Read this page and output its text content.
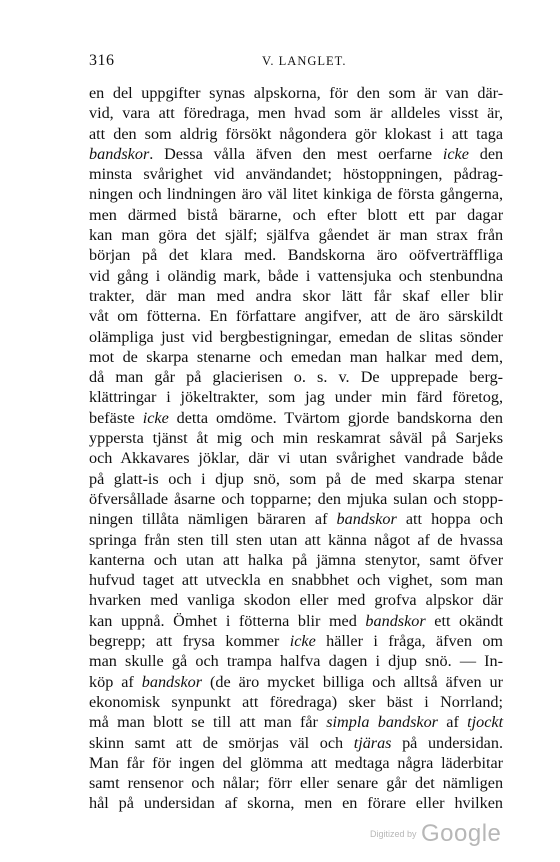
316	V. LANGLET.
en del uppgifter synas alpskorna, för den som är van där-
vid, vara att föredraga, men hvad som är alldeles visst är,
att den som aldrig försökt någondera gör klokast i att taga
bandskor. Dessa vålla äfven den mest oerfarne icke den
minsta svårighet vid användandet; höstoppningen, pådrag-
ningen och lindningen äro väl litet kinkiga de första gångerna,
men därmed bistå bärarne, och efter blott ett par dagar
kan man göra det själf; själfva gåendet är man strax från
början på det klara med. Bandskorna äro oöfverträffliga
vid gång i oländig mark, både i vattensjuka och stenbundna
trakter, där man med andra skor lätt får skaf eller blir
våt om fötterna. En författare angifver, att de äro särskildt
olämpliga just vid bergbestigningar, emedan de slitas sönder
mot de skarpa stenarne och emedan man halkar med dem,
då man går på glacierisen o. s. v. De upprepade berg-
klättringar i jökeltrakter, som jag under min färd företog,
befäste icke detta omdöme. Tvärtom gjorde bandskorna den
yppersta tjänst åt mig och min reskamrat såväl på Sarjeks
och Akkavares jöklar, där vi utan svårighet vandrade både
på glatt-is och i djup snö, som på de med skarpa stenar
öfversållade åsarne och topparne; den mjuka sulan och stopp-
ningen tillåta nämligen bäraren af bandskor att hoppa och
springa från sten till sten utan att känna något af de hvassa
kanterna och utan att halka på jämna stenytor, samt öfver
hufvud taget att utveckla en snabbhet och vighet, som man
hvarken med vanliga skodon eller med grofva alpskor där
kan uppnå. Ömhet i fötterna blir med bandskor ett okändt
begrepp; att frysa kommer icke häller i fråga, äfven om
man skulle gå och trampa halfva dagen i djup snö. — In-
köp af bandskor (de äro mycket billiga och alltså äfven ur
ekonomisk synpunkt att föredraga) sker bäst i Norrland;
må man blott se till att man får simpla bandskor af tjockt
skinn samt att de smörjas väl och tjäras på undersidan.
Man får för ingen del glömma att medtaga några läderbitar
samt rensenor och nålar; förr eller senare går det nämligen
hål på undersidan af skorna, men en förare eller hvilken
Digitized by Google
